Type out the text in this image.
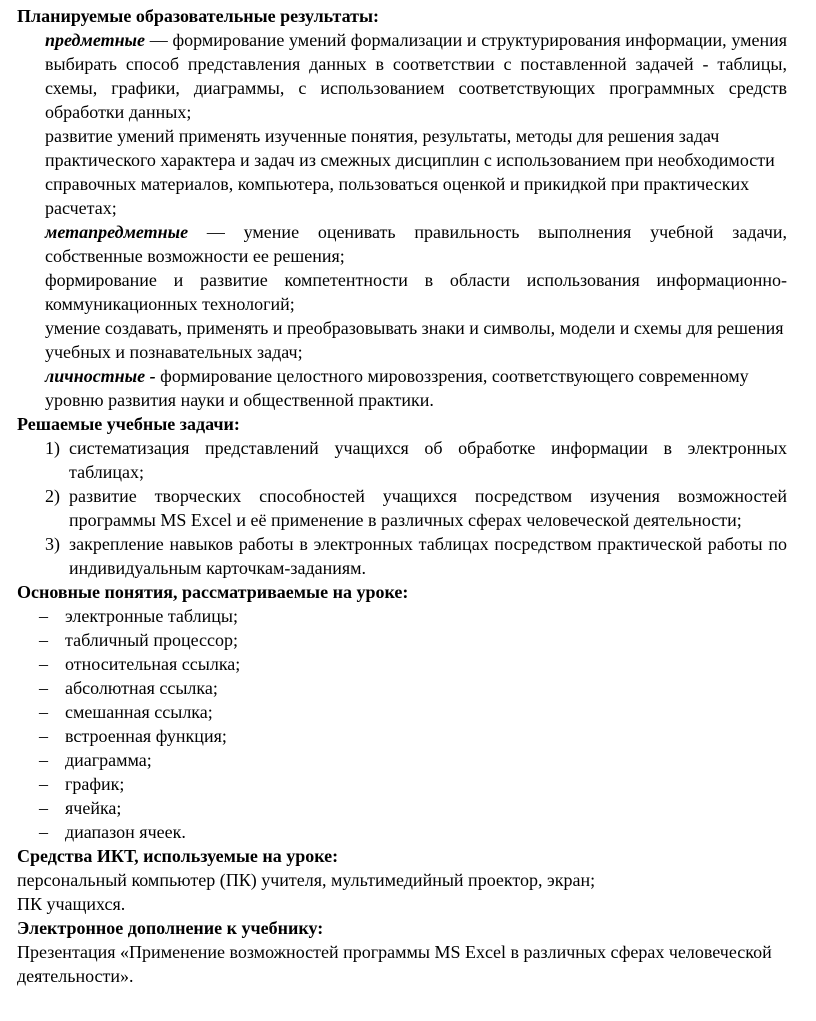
Планируемые образовательные результаты:

предметные — формирование умений формализации и структурирования информации, умения выбирать способ представления данных в соответствии с поставленной задачей - таблицы, схемы, графики, диаграммы, с использованием соответствующих программных средств обработки данных;

развитие умений применять изученные понятия, результаты, методы для решения задач практического характера и задач из смежных дисциплин с использованием при необходимости справочных материалов, компьютера, пользоваться оценкой и прикидкой при практических расчетах;

метапредметные — умение оценивать правильность выполнения учебной задачи, собственные возможности ее решения;

формирование и развитие компетентности в области использования информационно-коммуникационных технологий;

умение создавать, применять и преобразовывать знаки и символы, модели и схемы для решения учебных и познавательных задач;

личностные - формирование целостного мировоззрения, соответствующего современному уровню развития науки и общественной практики.

Решаемые учебные задачи:

1) систематизация представлений учащихся об обработке информации в электронных таблицах;
2) развитие творческих способностей учащихся посредством изучения возможностей программы MS Excel и её применение в различных сферах человеческой деятельности;
3) закрепление навыков работы в электронных таблицах посредством практической работы по индивидуальным карточкам-заданиям.

Основные понятия, рассматриваемые на уроке:

– электронные таблицы;
– табличный процессор;
– относительная ссылка;
– абсолютная ссылка;
– смешанная ссылка;
– встроенная функция;
– диаграмма;
– график;
– ячейка;
– диапазон ячеек.

Средства ИКТ, используемые на уроке:

персональный компьютер (ПК) учителя, мультимедийный проектор, экран;

ПК учащихся.

Электронное дополнение к учебнику:

Презентация «Применение возможностей программы MS Excel в различных сферах человеческой деятельности».
